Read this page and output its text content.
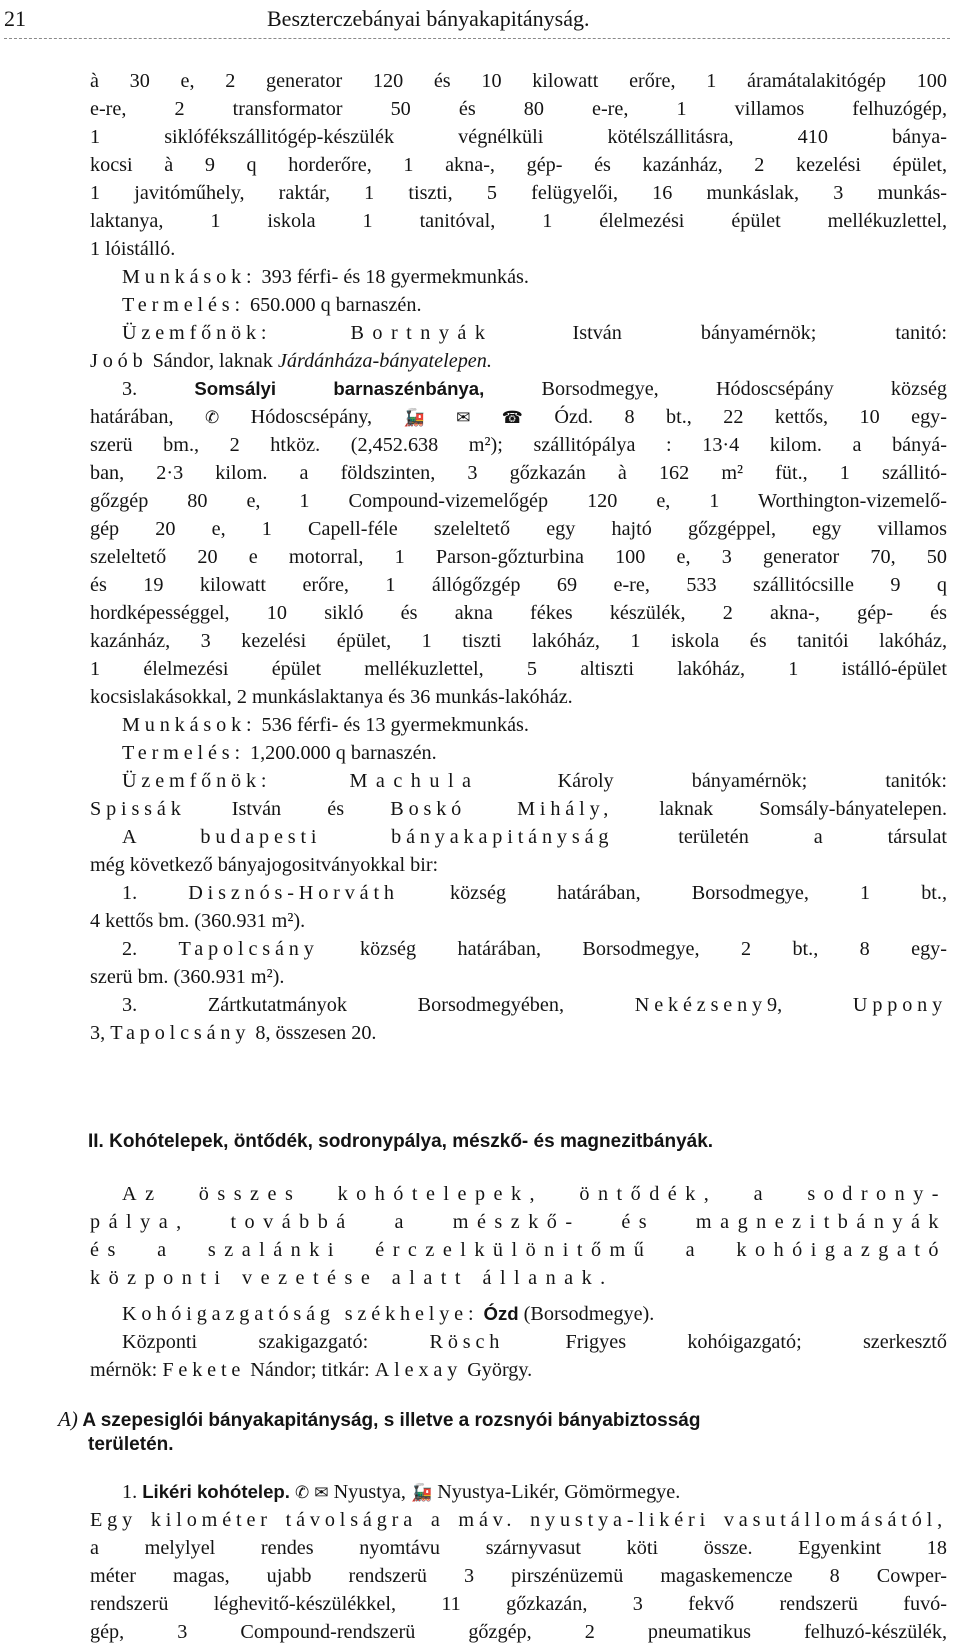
21	Beszterczebányai bányakapitányság.
à 30 e, 2 generator 120 és 10 kilowatt erőre, 1 áramátalakitógép 100
e-re, 2 transformator 50 és 80 e-re, 1 villamos felhuzógép,
1 siklófékszállitógép-készülék végnélküli kötélszállitásra, 410 bánya-
kocsi à 9 q horderőre, 1 akna-, gép- és kazánház, 2 kezelési épület,
1 javitóműhely, raktár, 1 tiszti, 5 felügyelői, 16 munkáslak, 3 munkás-
laktanya, 1 iskola 1 tanitóval, 1 élelmezési épület mellékuzlettel,
1 lóistálló.
Munkások: 393 férfi- és 18 gyermekmunkás.
Termelés: 650.000 q barnaszén.
Üzemfőnök:	Bortnyák	István bányamérnök; tanitó:
Joób Sándor, laknak Járdánháza-bányatelepen.
3.	Somsályi barnaszénbánya,	Borsodmegye, Hódoscsépány község
határában, ✆ Hódoscsépány, 🚂 ✉ ☎ Ózd. 8 bt., 22 kettős, 10 egy-
szerü bm., 2 htköz. (2,452.638 m²); szállitópálya : 13·4 kilom. a bányá-
ban, 2·3 kilom. a földszinten, 3 gőzkazán à 162 m² füt., 1 szállitó-
gőzgép 80 e, 1 Compound-vizemelőgép 120 e, 1 Worthington-vizemelő-
gép 20 e, 1 Capell-féle szeleltető egy hajtó gőzgéppel, egy villamos
szeleltető 20 e motorral, 1 Parson-gőzturbina 100 e, 3 generator 70, 50
és 19 kilowatt erőre, 1 állógőzgép 69 e-re, 533 szállitócsille 9 q
hordképességgel, 10 sikló és akna fékes készülék, 2 akna-, gép- és
kazánház, 3 kezelési épület, 1 tiszti lakóház, 1 iskola és tanitói lakóház,
1 élelmezési épület mellékuzlettel, 5 altiszti lakóház, 1 istálló-épület
kocsislakásokkal, 2 munkáslaktanya és 36 munkás-lakóház.
Munkások: 536 férfi- és 13 gyermekmunkás.
Termelés: 1,200.000 q barnaszén.
Üzemfőnök:	Machula	Károly bányamérnök; tanitók:
Spissák István és Boskó Mihály, laknak Somsály-bányatelepen.
A	budapesti bányakapitányság	területén a társulat
még következő bányajogositványokkal bir:
1.	Disznós-Horváth	község határában, Borsodmegye, 1 bt.,
4 kettős bm. (360.931 m²).
2. Tapolcsány község határában, Borsodmegye, 2 bt., 8 egy-
szerü bm. (360.931 m²).
3. Zártkutatmányok Borsodmegyében,	Nekézseny9,	Uppony
3, Tapolcsány 8, összesen 20.
II. Kohótelepek, öntődék, sodronypálya, mészkő- és magnezitbányák.
Az összes kohótelepek, öntődék, a sodrony-
pálya, továbbá a mészkő- és magnezitbányák
és a szalánki érczelkülönitőmű a kohóigazgató
központi vezetése alatt állanak.
Kohóigazgatóság székhelye: Ózd (Borsodmegye).
Központi szakigazgató:	Rösch	Frigyes kohóigazgató; szerkesztő
mérnök: Fekete Nándor; titkár: Alexay György.
A) A szepesiglói bányakapitányság, s illetve a rozsnyói bányabiztosság
területén.
1. Likéri kohótelep. ✆ ✉ Nyustya, 🚂 Nyustya-Likér, Gömörmegye.
Egy kilométer távolságra a máv. nyustya-likéri vasutállomásától,
a melylyel rendes nyomtávu szárnyvasut köti össze. Egyenkint 18
méter magas, ujabb rendszerü 3 pirszénüzemü magaskemencze 8 Cowper-
rendszerü léghevitő-készülékkel, 11 gőzkazán, 3 fekvő rendszerü fuvó-
gép, 3 Compound-rendszerü gőzgép, 2 pneumatikus felhuzó-készülék,
